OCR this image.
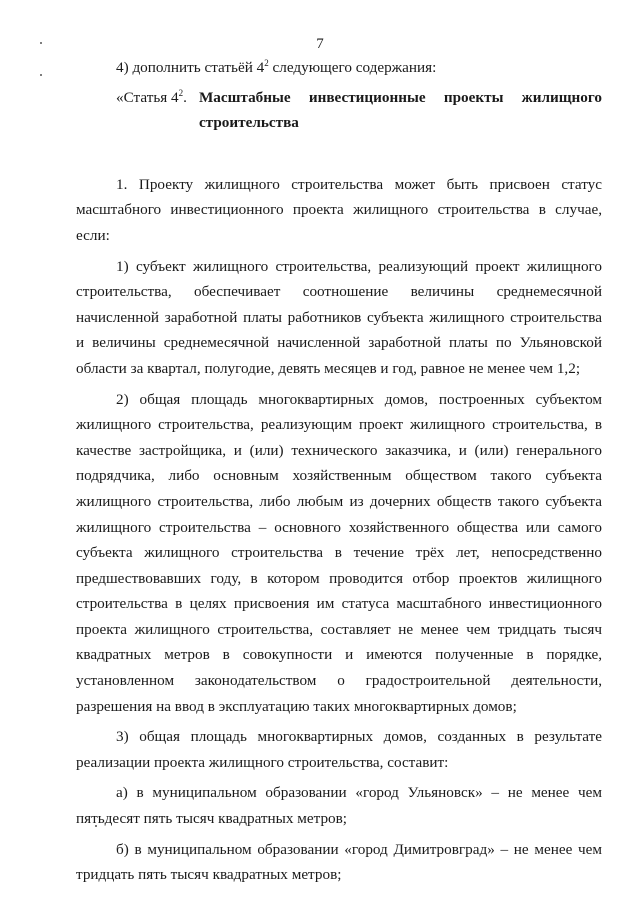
7

4) дополнить статьёй $4^2$ следующего содержания:

«Статья $4^2$. Масштабные инвестиционные проекты жилищного строительства

1. Проекту жилищного строительства может быть присвоен статус масштабного инвестиционного проекта жилищного строительства в случае, если:

1) субъект жилищного строительства, реализующий проект жилищного строительства, обеспечивает соотношение величины среднемесячной начисленной заработной платы работников субъекта жилищного строительства и величины среднемесячной начисленной заработной платы по Ульяновской области за квартал, полугодие, девять месяцев и год, равное не менее чем 1,2;

2) общая площадь многоквартирных домов, построенных субъектом жилищного строительства, реализующим проект жилищного строительства, в качестве застройщика, и (или) технического заказчика, и (или) генерального подрядчика, либо основным хозяйственным обществом такого субъекта жилищного строительства, либо любым из дочерних обществ такого субъекта жилищного строительства – основного хозяйственного общества или самого субъекта жилищного строительства в течение трёх лет, непосредственно предшествовавших году, в котором проводится отбор проектов жилищного строительства в целях присвоения им статуса масштабного инвестиционного проекта жилищного строительства, составляет не менее чем тридцать тысяч квадратных метров в совокупности и имеются полученные в порядке, установленном законодательством о градостроительной деятельности, разрешения на ввод в эксплуатацию таких многоквартирных домов;

3) общая площадь многоквартирных домов, созданных в результате реализации проекта жилищного строительства, составит:

а) в муниципальном образовании «город Ульяновск» – не менее чем пятьдесят пять тысяч квадратных метров;

б) в муниципальном образовании «город Димитровград» – не менее чем тридцать пять тысяч квадратных метров;
